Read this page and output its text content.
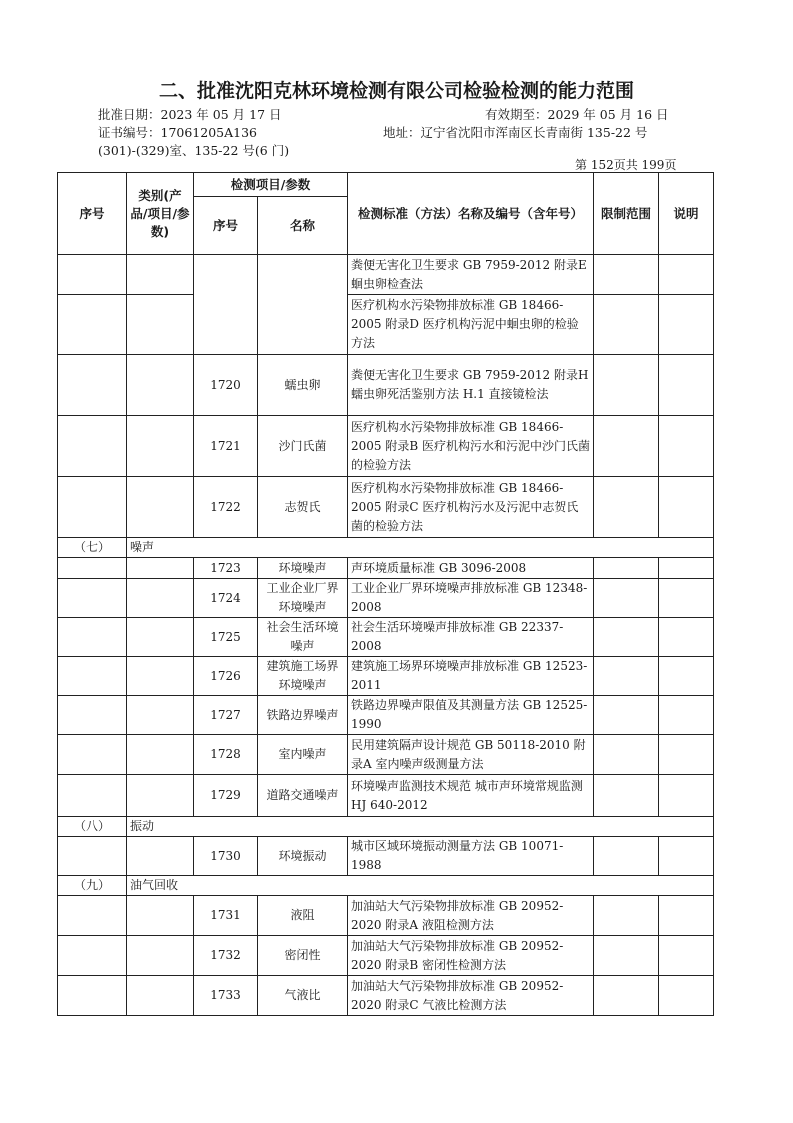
二、批准沈阳克林环境检测有限公司检验检测的能力范围
批准日期：2023 年 05 月 17 日	有效期至：2029 年 05 月 16 日
证书编号：17061205A136	地址：辽宁省沈阳市浑南区长青南街 135-22 号
(301)-(329)室、135-22 号(6 门)
第 152页共 199页
序号	类别(产品/项目/参数)	检测项目/参数		检测标准（方法）名称及编号（含年号）	限制范围	说明
		序号	名称			
				粪便无害化卫生要求 GB 7959-2012 附录E 蛔虫卵检查法		
				医疗机构水污染物排放标准 GB 18466-2005 附录D 医疗机构污泥中蛔虫卵的检验方法		
		1720	蠕虫卵	粪便无害化卫生要求 GB 7959-2012 附录H 蠕虫卵死活鉴别方法 H.1 直接镜检法		
		1721	沙门氏菌	医疗机构水污染物排放标准 GB 18466-2005 附录B 医疗机构污水和污泥中沙门氏菌的检验方法		
		1722	志贺氏	医疗机构水污染物排放标准 GB 18466-2005 附录C 医疗机构污水及污泥中志贺氏菌的检验方法		
（七）	噪声					
		1723	环境噪声	声环境质量标准 GB 3096-2008		
		1724	工业企业厂界环境噪声	工业企业厂界环境噪声排放标准 GB 12348-2008		
		1725	社会生活环境噪声	社会生活环境噪声排放标准 GB 22337-2008		
		1726	建筑施工场界环境噪声	建筑施工场界环境噪声排放标准 GB 12523-2011		
		1727	铁路边界噪声	铁路边界噪声限值及其测量方法 GB 12525-1990		
		1728	室内噪声	民用建筑隔声设计规范 GB 50118-2010 附录A 室内噪声级测量方法		
		1729	道路交通噪声	环境噪声监测技术规范 城市声环境常规监测 HJ 640-2012		
（八）	振动					
		1730	环境振动	城市区域环境振动测量方法 GB 10071-1988		
（九）	油气回收					
		1731	液阻	加油站大气污染物排放标准 GB 20952-2020 附录A 液阻检测方法		
		1732	密闭性	加油站大气污染物排放标准 GB 20952-2020 附录B 密闭性检测方法		
		1733	气液比	加油站大气污染物排放标准 GB 20952-2020 附录C 气液比检测方法		
